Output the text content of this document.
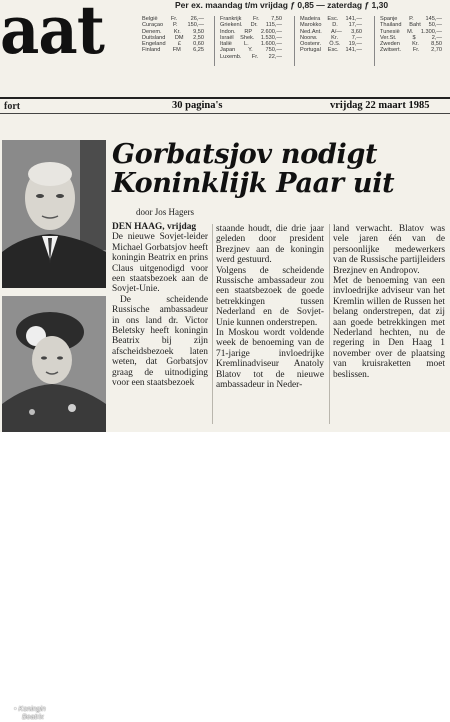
aat	Per ex. maandag t/m vrijdag ƒ 0,85 — zaterdag ƒ 1,30
België Fr. 26,—
Curaçao P. 150,—
Denem. Kr. 9,50
Duitsland DM 2,50
Engeland £ 0,60
Finland FM 6,25
Frankrijk Fr. 7,50
Griekenl. Dr. 115,—
Indon. RP 2.600,—
Israël Shek. 1.530,—
Italië L. 1.600,—
Japan Y. 750,—
Luxemb. Fr. 22,—
Madeira Esc. 141,—
Marokko D. 17,—
Ned.Ant. A/— 3,60
Noorw. Kr. 7,—
Oostenr. Ö.S. 19,—
Portugal Esc. 141,—
Spanje P. 145,—
Thailand Baht 50,—
Tunesië M. 1.300,—
Ver.St.	$	2,—
Zweden Kr. 8,50
Zwitsert. Fr. 2,70
fort	30 pagina's	vrijdag 22 maart 1985
• Koningin
Beatrix
Gorbatsjov nodigt
Koninklijk Paar uit
door Jos Hagers

DEN HAAG, vrijdag

De nieuwe Sovjet-leider Michael Gorbatsjov heeft koningin Beatrix en prins Claus uitgenodigd voor een staatsbezoek aan de Sovjet-Unie.

De scheidende Russische ambassadeur in ons land dr. Victor Beletsky heeft koningin Beatrix bij zijn afscheidsbezoek laten weten, dat Gorbatsjov graag de uitnodiging voor een staatsbezoek

staande houdt, die drie jaar geleden door president Brezjnev aan de koningin werd gestuurd.

Volgens de scheidende Russische ambassadeur zou een staatsbezoek de goede betrekkingen tussen Nederland en de Sovjet-Unie kunnen onderstrepen.

In Moskou wordt voldende week de benoeming van de 71-jarige invloedrijke Kremlinadviseur Anatoly Blatov tot de nieuwe ambassadeur in Neder-

land verwacht. Blatov was vele jaren één van de persoonlijke medewerkers van de Russische partijleiders Brezjnev en Andropov.

Met de benoeming van een invloedrijke adviseur van het Kremlin willen de Russen het belang onderstrepen, dat zij aan goede betrekkingen met Nederland hechten, nu de regering in Den Haag 1 november over de plaatsing van kruisraketten moet beslissen.
